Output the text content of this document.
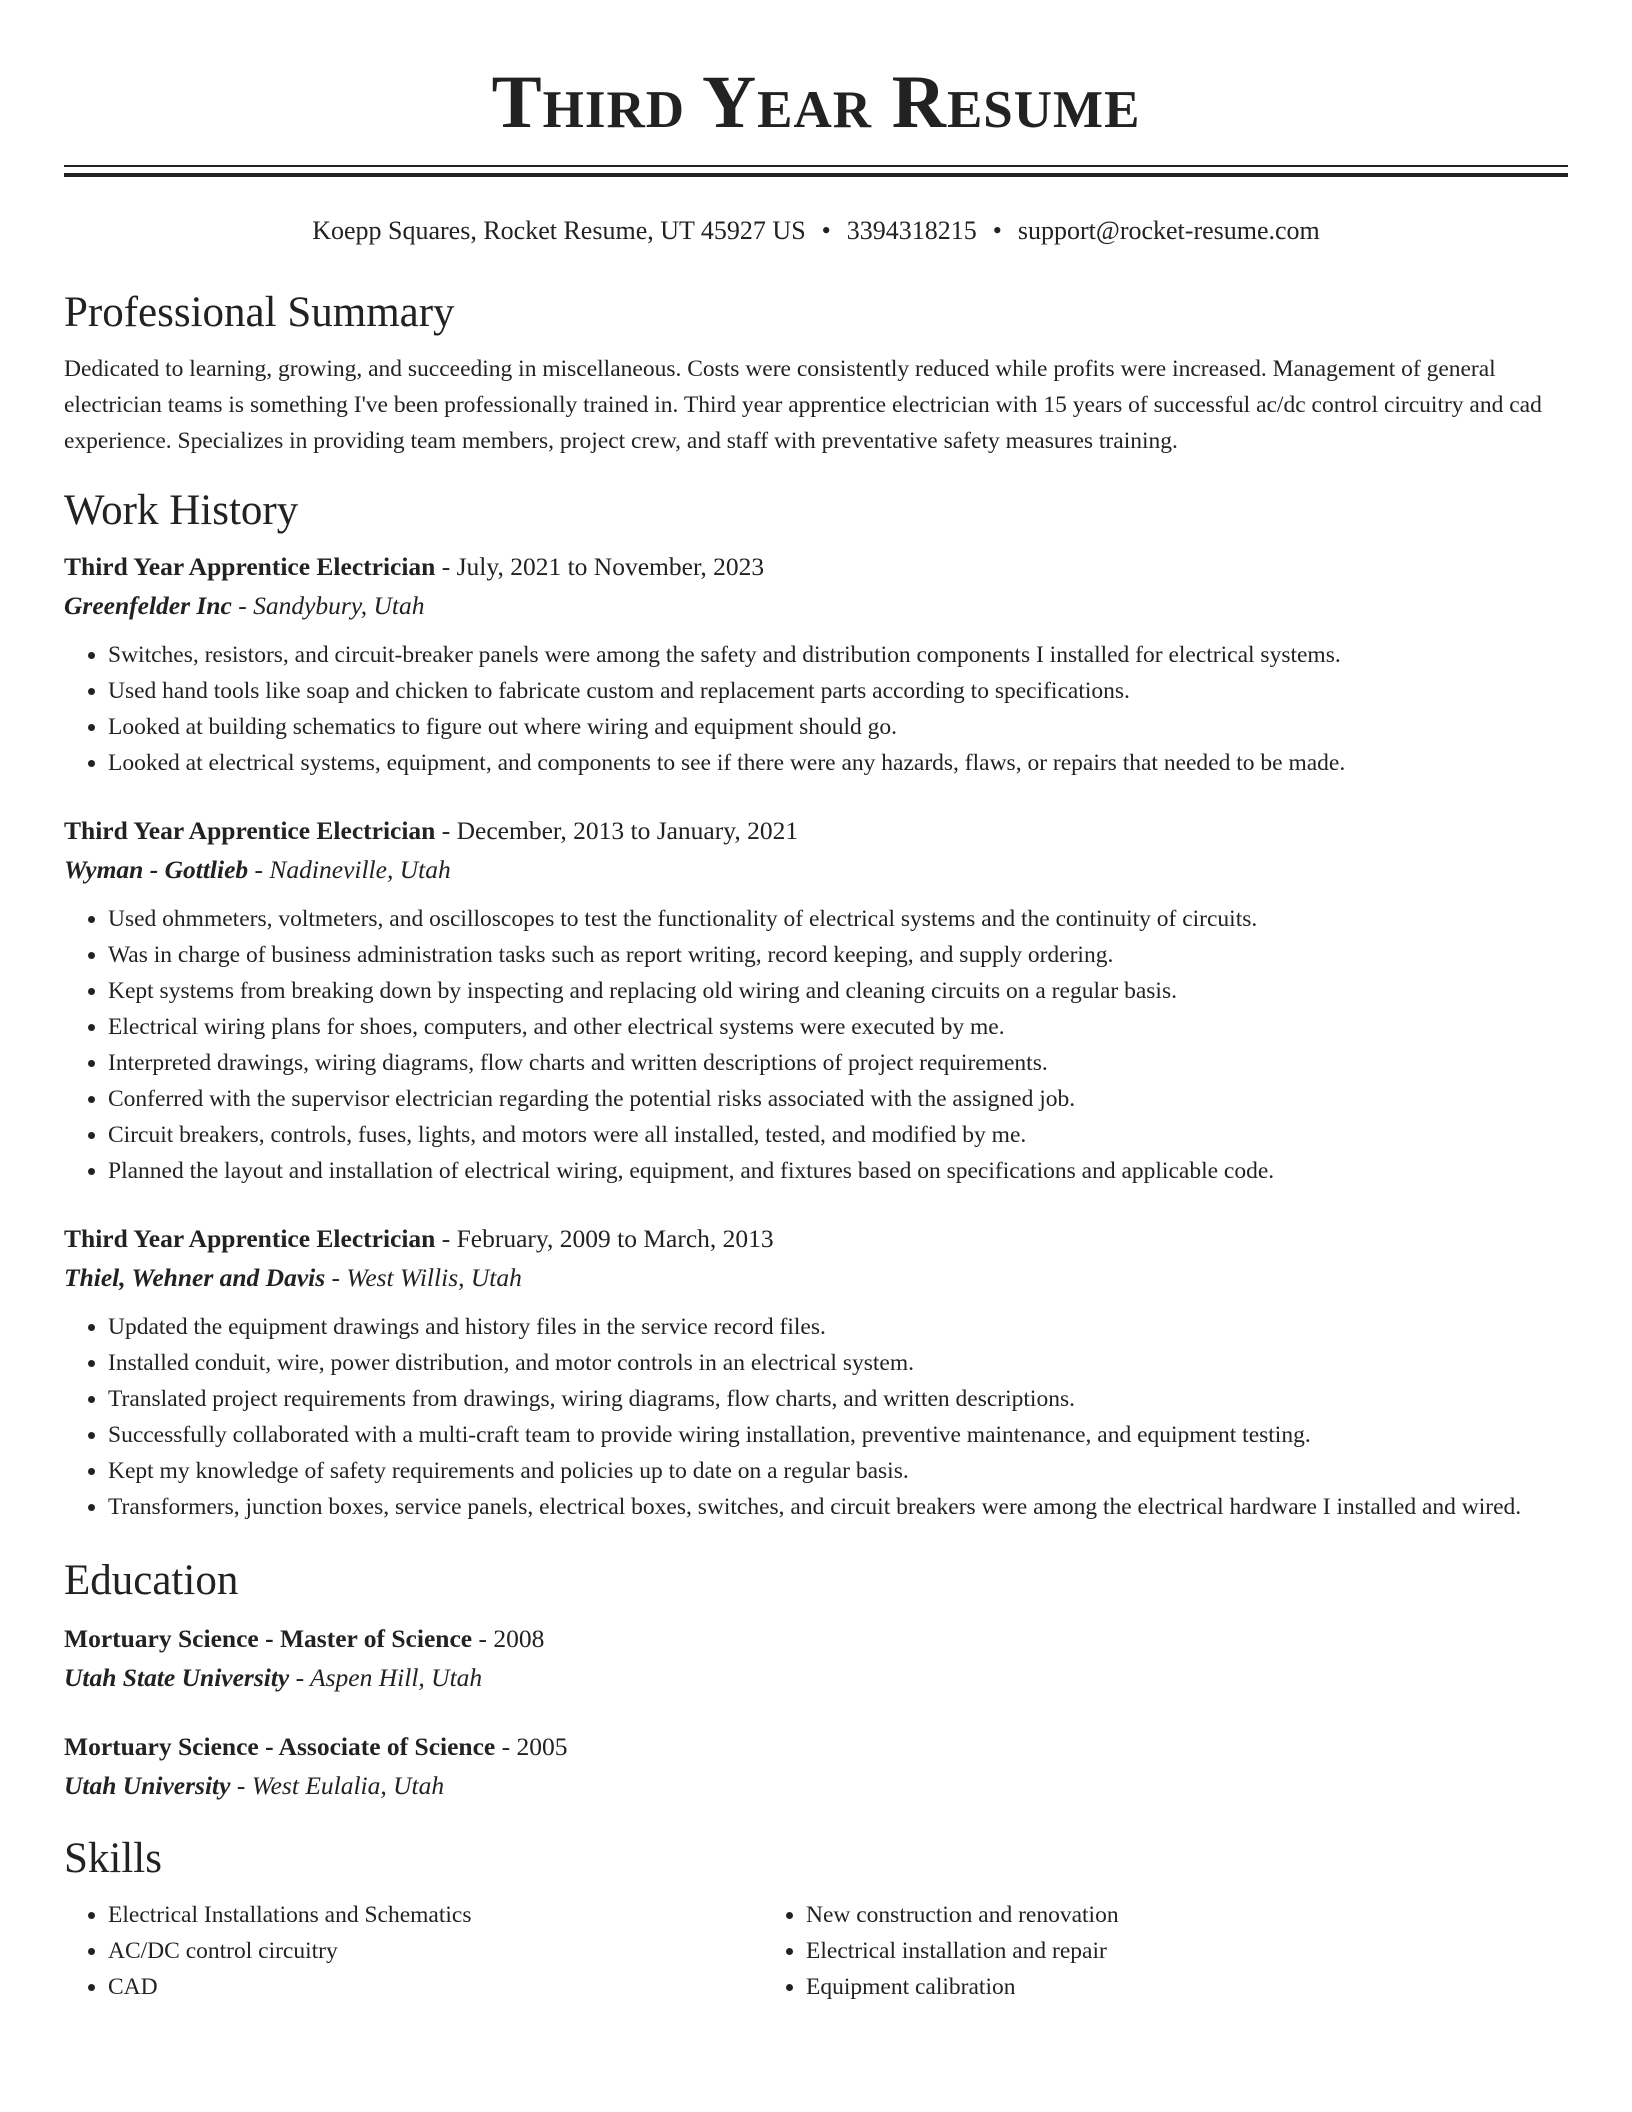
Third Year Resume
Koepp Squares, Rocket Resume, UT 45927 US • 3394318215 • support@rocket-resume.com
Professional Summary

Dedicated to learning, growing, and succeeding in miscellaneous. Costs were consistently reduced while profits were increased. Management of general electrician teams is something I've been professionally trained in. Third year apprentice electrician with 15 years of successful ac/dc control circuitry and cad experience. Specializes in providing team members, project crew, and staff with preventative safety measures training.

Work History
Third Year Apprentice Electrician - July, 2021 to November, 2023
Greenfelder Inc - Sandybury, Utah
• Switches, resistors, and circuit-breaker panels were among the safety and distribution components I installed for electrical systems.
• Used hand tools like soap and chicken to fabricate custom and replacement parts according to specifications.
• Looked at building schematics to figure out where wiring and equipment should go.
• Looked at electrical systems, equipment, and components to see if there were any hazards, flaws, or repairs that needed to be made.
Third Year Apprentice Electrician - December, 2013 to January, 2021
Wyman - Gottlieb - Nadineville, Utah
• Used ohmmeters, voltmeters, and oscilloscopes to test the functionality of electrical systems and the continuity of circuits.
• Was in charge of business administration tasks such as report writing, record keeping, and supply ordering.
• Kept systems from breaking down by inspecting and replacing old wiring and cleaning circuits on a regular basis.
• Electrical wiring plans for shoes, computers, and other electrical systems were executed by me.
• Interpreted drawings, wiring diagrams, flow charts and written descriptions of project requirements.
• Conferred with the supervisor electrician regarding the potential risks associated with the assigned job.
• Circuit breakers, controls, fuses, lights, and motors were all installed, tested, and modified by me.
• Planned the layout and installation of electrical wiring, equipment, and fixtures based on specifications and applicable code.
Third Year Apprentice Electrician - February, 2009 to March, 2013
Thiel, Wehner and Davis - West Willis, Utah
• Updated the equipment drawings and history files in the service record files.
• Installed conduit, wire, power distribution, and motor controls in an electrical system.
• Translated project requirements from drawings, wiring diagrams, flow charts, and written descriptions.
• Successfully collaborated with a multi-craft team to provide wiring installation, preventive maintenance, and equipment testing.
• Kept my knowledge of safety requirements and policies up to date on a regular basis.
• Transformers, junction boxes, service panels, electrical boxes, switches, and circuit breakers were among the electrical hardware I installed and wired.
Education
Mortuary Science - Master of Science - 2008
Utah State University - Aspen Hill, Utah
Mortuary Science - Associate of Science - 2005
Utah University - West Eulalia, Utah
Skills
• Electrical Installations and Schematics
• AC/DC control circuitry
• CAD
• New construction and renovation
• Electrical installation and repair
• Equipment calibration
